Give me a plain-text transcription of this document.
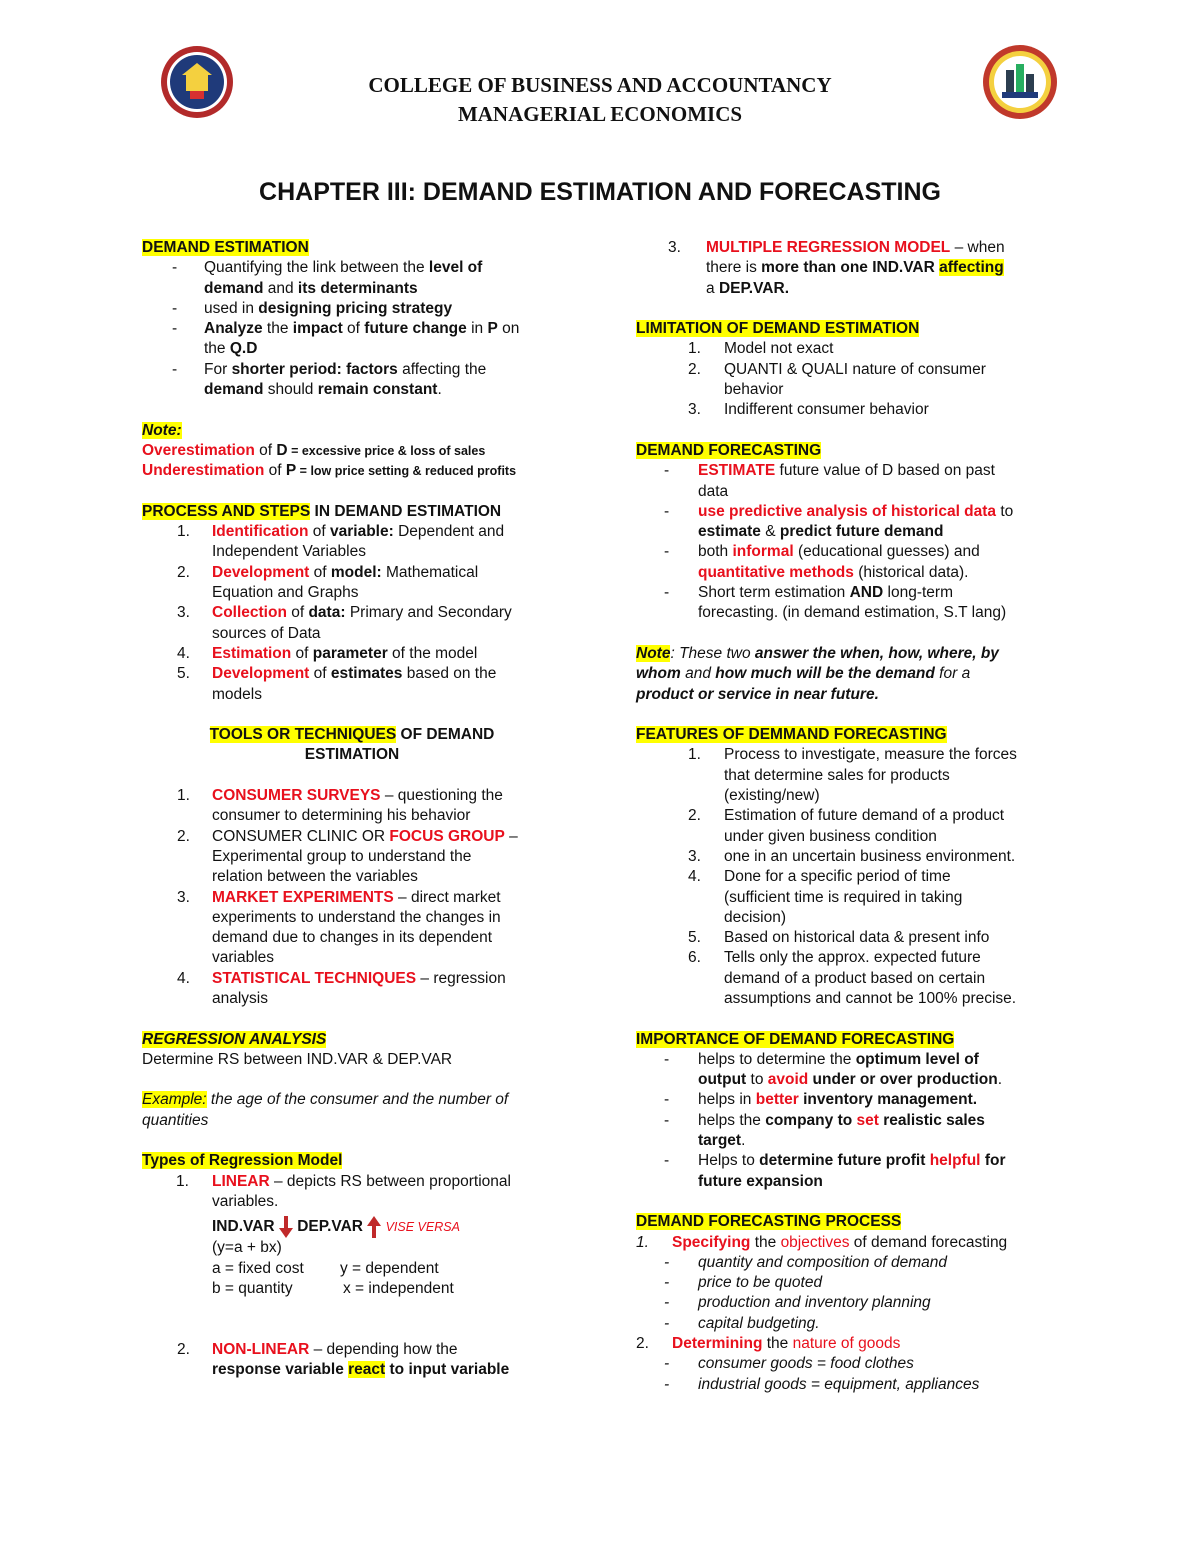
COLLEGE OF BUSINESS AND ACCOUNTANCY
MANAGERIAL ECONOMICS
CHAPTER III: DEMAND ESTIMATION AND FORECASTING
DEMAND ESTIMATION
-	Quantifying the link between the level of
demand and its determinants
-	used in designing pricing strategy
-	Analyze the impact of future change in P on
the Q.D
-	For shorter period: factors affecting the
demand should remain constant.
Note:
Overestimation of D = excessive price & loss of sales
Underestimation of P = low price setting & reduced profits
PROCESS AND STEPS IN DEMAND ESTIMATION
1.	Identification of variable: Dependent and
Independent Variables
2.	Development of model: Mathematical
Equation and Graphs
3.	Collection of data: Primary and Secondary
sources of Data
4.	Estimation of parameter of the model
5.	Development of estimates based on the
models
TOOLS OR TECHNIQUES OF DEMAND
ESTIMATION
1.	CONSUMER SURVEYS – questioning the
consumer to determining his behavior
2.	CONSUMER CLINIC OR FOCUS GROUP –
Experimental group to understand the
relation between the variables
3.	MARKET EXPERIMENTS – direct market
experiments to understand the changes in
demand due to changes in its dependent
variables
4.	STATISTICAL TECHNIQUES – regression
analysis
REGRESSION ANALYSIS
Determine RS between IND.VAR & DEP.VAR
Example: the age of the consumer and the number of
quantities
Types of Regression Model
1.	LINEAR – depicts RS between proportional
variables.
IND.VAR DEP.VAR VISE VERSA
(y=a + bx)
a = fixed cost y = dependent
b = quantity	x = independent
2.	NON-LINEAR – depending how the
response variable react to input variable
3.	MULTIPLE REGRESSION MODEL – when
there is more than one IND.VAR affecting
a DEP.VAR.
LIMITATION OF DEMAND ESTIMATION
1.	Model not exact
2.	QUANTI & QUALI nature of consumer
behavior
3.	Indifferent consumer behavior
DEMAND FORECASTING
-	ESTIMATE future value of D based on past
data
-	use predictive analysis of historical data to
estimate & predict future demand
-	both informal (educational guesses) and
quantitative methods (historical data).
-	Short term estimation AND long-term
forecasting. (in demand estimation, S.T lang)
Note: These two answer the when, how, where, by
whom and how much will be the demand for a
product or service in near future.
FEATURES OF DEMMAND FORECASTING
1.	Process to investigate, measure the forces
that determine sales for products
(existing/new)
2.	Estimation of future demand of a product
under given business condition
3.	one in an uncertain business environment.
4.	Done for a specific period of time
(sufficient time is required in taking
decision)
5.	Based on historical data & present info
6.	Tells only the approx. expected future
demand of a product based on certain
assumptions and cannot be 100% precise.
IMPORTANCE OF DEMAND FORECASTING
-	helps to determine the optimum level of
output to avoid under or over production.
-	helps in better inventory management.
-	helps the company to set realistic sales
target.
-	Helps to determine future profit helpful for
future expansion
DEMAND FORECASTING PROCESS
1.	Specifying the objectives of demand forecasting
-	quantity and composition of demand
-	price to be quoted
-	production and inventory planning
-	capital budgeting.
2.	Determining the nature of goods
-	consumer goods = food clothes
-	industrial goods = equipment, appliances
